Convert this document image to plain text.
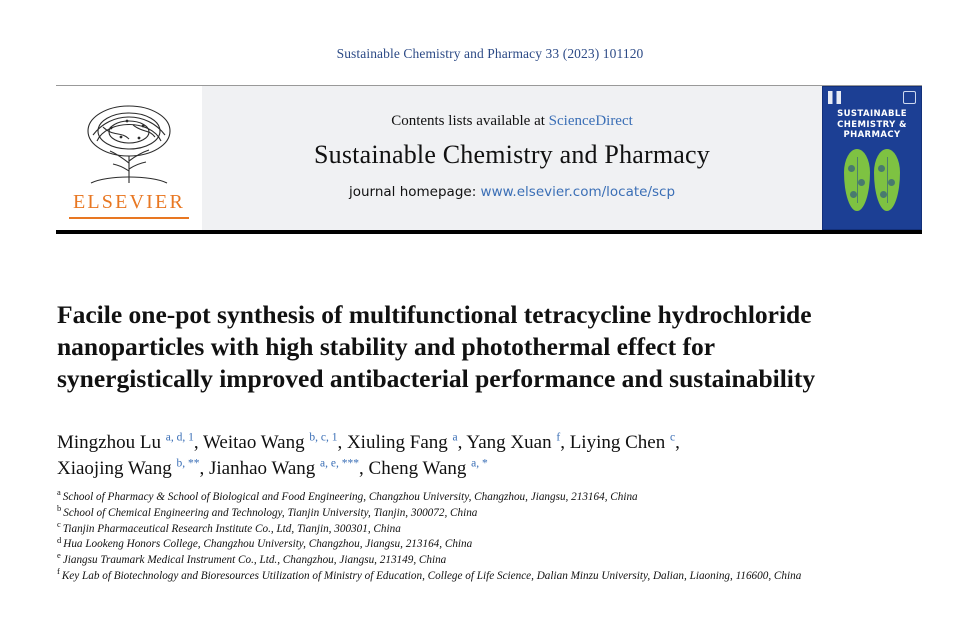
Sustainable Chemistry and Pharmacy 33 (2023) 101120
ELSEVIER
Contents lists available at ScienceDirect
Sustainable Chemistry and Pharmacy
journal homepage: www.elsevier.com/locate/scp
SUSTAINABLE CHEMISTRY & PHARMACY
Facile one-pot synthesis of multifunctional tetracycline hydrochloride nanoparticles with high stability and photothermal effect for synergistically improved antibacterial performance and sustainability
Mingzhou Lu $^{a, d, 1}$, Weitao Wang $^{b, c, 1}$, Xiuling Fang $^a$, Yang Xuan $^f$, Liying Chen $^c$,
Xiaojing Wang $^{b, **}$, Jianhao Wang $^{a, e, ***}$, Cheng Wang $^{a, *}$
$^a$ School of Pharmacy & School of Biological and Food Engineering, Changzhou University, Changzhou, Jiangsu, 213164, China
$^b$ School of Chemical Engineering and Technology, Tianjin University, Tianjin, 300072, China
$^c$ Tianjin Pharmaceutical Research Institute Co., Ltd, Tianjin, 300301, China
$^d$ Hua Lookeng Honors College, Changzhou University, Changzhou, Jiangsu, 213164, China
$^e$ Jiangsu Traumark Medical Instrument Co., Ltd., Changzhou, Jiangsu, 213149, China
$^f$ Key Lab of Biotechnology and Bioresources Utilization of Ministry of Education, College of Life Science, Dalian Minzu University, Dalian, Liaoning, 116600, China
